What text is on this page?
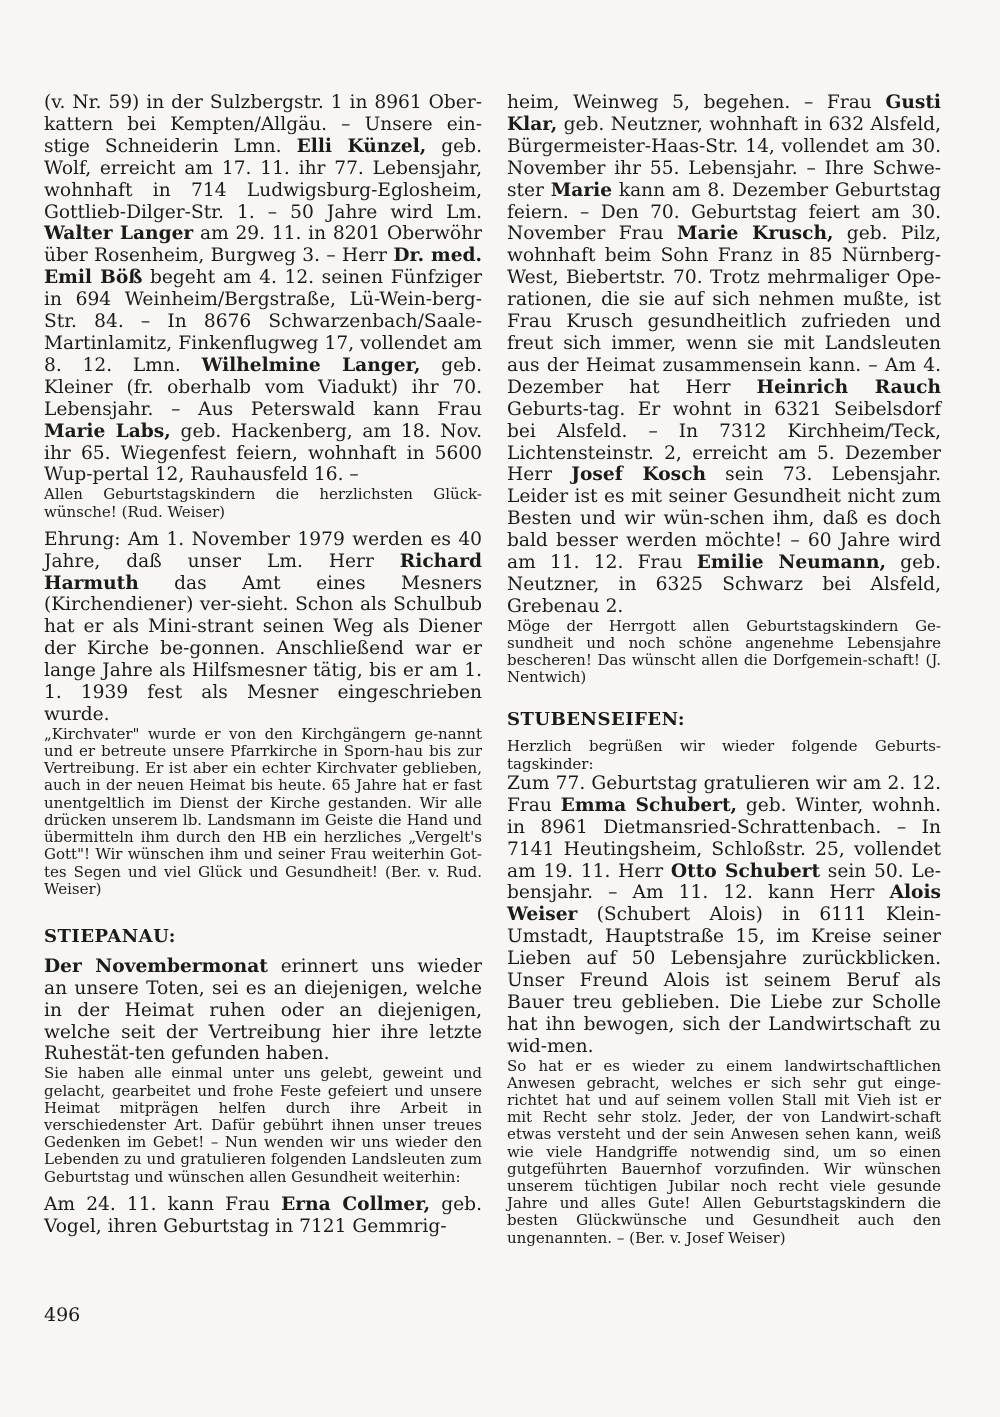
(v. Nr. 59) in der Sulzbergstr. 1 in 8961 Ober-kattern bei Kempten/Allgäu. – Unsere ein-stige Schneiderin Lmn. Elli Künzel, geb. Wolf, erreicht am 17. 11. ihr 77. Lebensjahr, wohnhaft in 714 Ludwigsburg-Eglosheim, Gottlieb-Dilger-Str. 1. – 50 Jahre wird Lm. Walter Langer am 29. 11. in 8201 Oberwöhr über Rosenheim, Burgweg 3. – Herr Dr. med. Emil Böß begeht am 4. 12. seinen Fünfziger in 694 Weinheim/Bergstraße, Lü-Wein-berg-Str. 84. – In 8676 Schwarzenbach/Saale-Martinlamitz, Finkenflugweg 17, vollendet am 8. 12. Lmn. Wilhelmine Langer, geb. Kleiner (fr. oberhalb vom Viadukt) ihr 70. Lebensjahr. – Aus Peterswald kann Frau Marie Labs, geb. Hackenberg, am 18. Nov. ihr 65. Wiegenfest feiern, wohnhaft in 5600 Wup-pertal 12, Rauhausfeld 16. –

Allen Geburtstagskindern die herzlichsten Glück-wünsche! (Rud. Weiser)

Ehrung: Am 1. November 1979 werden es 40 Jahre, daß unser Lm. Herr Richard Harmuth das Amt eines Mesners (Kirchendiener) ver-sieht. Schon als Schulbub hat er als Mini-strant seinen Weg als Diener der Kirche be-gonnen. Anschließend war er lange Jahre als Hilfsmesner tätig, bis er am 1. 1. 1939 fest als Mesner eingeschrieben wurde.

„Kirchvater" wurde er von den Kirchgängern ge-nannt und er betreute unsere Pfarrkirche in Sporn-hau bis zur Vertreibung. Er ist aber ein echter Kirchvater geblieben, auch in der neuen Heimat bis heute. 65 Jahre hat er fast unentgeltlich im Dienst der Kirche gestanden. Wir alle drücken unserem lb. Landsmann im Geiste die Hand und übermitteln ihm durch den HB ein herzliches „Vergelt's Gott"! Wir wünschen ihm und seiner Frau weiterhin Got-tes Segen und viel Glück und Gesundheit! (Ber. v. Rud. Weiser)

STIEPANAU:

Der Novembermonat erinnert uns wieder an unsere Toten, sei es an diejenigen, welche in der Heimat ruhen oder an diejenigen, welche seit der Vertreibung hier ihre letzte Ruhestät-ten gefunden haben.

Sie haben alle einmal unter uns gelebt, geweint und gelacht, gearbeitet und frohe Feste gefeiert und unsere Heimat mitprägen helfen durch ihre Arbeit in verschiedenster Art. Dafür gebührt ihnen unser treues Gedenken im Gebet! – Nun wenden wir uns wieder den Lebenden zu und gratulieren folgenden Landsleuten zum Geburtstag und wünschen allen Gesundheit weiterhin:

Am 24. 11. kann Frau Erna Collmer, geb. Vogel, ihren Geburtstag in 7121 Gemmrig-

heim, Weinweg 5, begehen. – Frau Gusti Klar, geb. Neutzner, wohnhaft in 632 Alsfeld, Bürgermeister-Haas-Str. 14, vollendet am 30. November ihr 55. Lebensjahr. – Ihre Schwe-ster Marie kann am 8. Dezember Geburtstag feiern. – Den 70. Geburtstag feiert am 30. November Frau Marie Krusch, geb. Pilz, wohnhaft beim Sohn Franz in 85 Nürnberg-West, Biebertstr. 70. Trotz mehrmaliger Ope-rationen, die sie auf sich nehmen mußte, ist Frau Krusch gesundheitlich zufrieden und freut sich immer, wenn sie mit Landsleuten aus der Heimat zusammensein kann. – Am 4. Dezember hat Herr Heinrich Rauch Geburts-tag. Er wohnt in 6321 Seibelsdorf bei Alsfeld. – In 7312 Kirchheim/Teck, Lichtensteinstr. 2, erreicht am 5. Dezember Herr Josef Kosch sein 73. Lebensjahr. Leider ist es mit seiner Gesundheit nicht zum Besten und wir wün-schen ihm, daß es doch bald besser werden möchte! – 60 Jahre wird am 11. 12. Frau Emilie Neumann, geb. Neutzner, in 6325 Schwarz bei Alsfeld, Grebenau 2.

Möge der Herrgott allen Geburtstagskindern Ge-sundheit und noch schöne angenehme Lebensjahre bescheren! Das wünscht allen die Dorfgemein-schaft! (J. Nentwich)

STUBENSEIFEN:

Herzlich begrüßen wir wieder folgende Geburts-tagskinder:

Zum 77. Geburtstag gratulieren wir am 2. 12. Frau Emma Schubert, geb. Winter, wohnh. in 8961 Dietmansried-Schrattenbach. – In 7141 Heutingsheim, Schloßstr. 25, vollendet am 19. 11. Herr Otto Schubert sein 50. Le-bensjahr. – Am 11. 12. kann Herr Alois Weiser (Schubert Alois) in 6111 Klein-Umstadt, Hauptstraße 15, im Kreise seiner Lieben auf 50 Lebensjahre zurückblicken. Unser Freund Alois ist seinem Beruf als Bauer treu geblieben. Die Liebe zur Scholle hat ihn bewogen, sich der Landwirtschaft zu wid-men.

So hat er es wieder zu einem landwirtschaftlichen Anwesen gebracht, welches er sich sehr gut einge-richtet hat und auf seinem vollen Stall mit Vieh ist er mit Recht sehr stolz. Jeder, der von Landwirt-schaft etwas versteht und der sein Anwesen sehen kann, weiß wie viele Handgriffe notwendig sind, um so einen gutgeführten Bauernhof vorzufinden. Wir wünschen unserem tüchtigen Jubilar noch recht viele gesunde Jahre und alles Gute! Allen Geburtstagskindern die besten Glückwünsche und Gesundheit auch den ungenannten. – (Ber. v. Josef Weiser)

496
